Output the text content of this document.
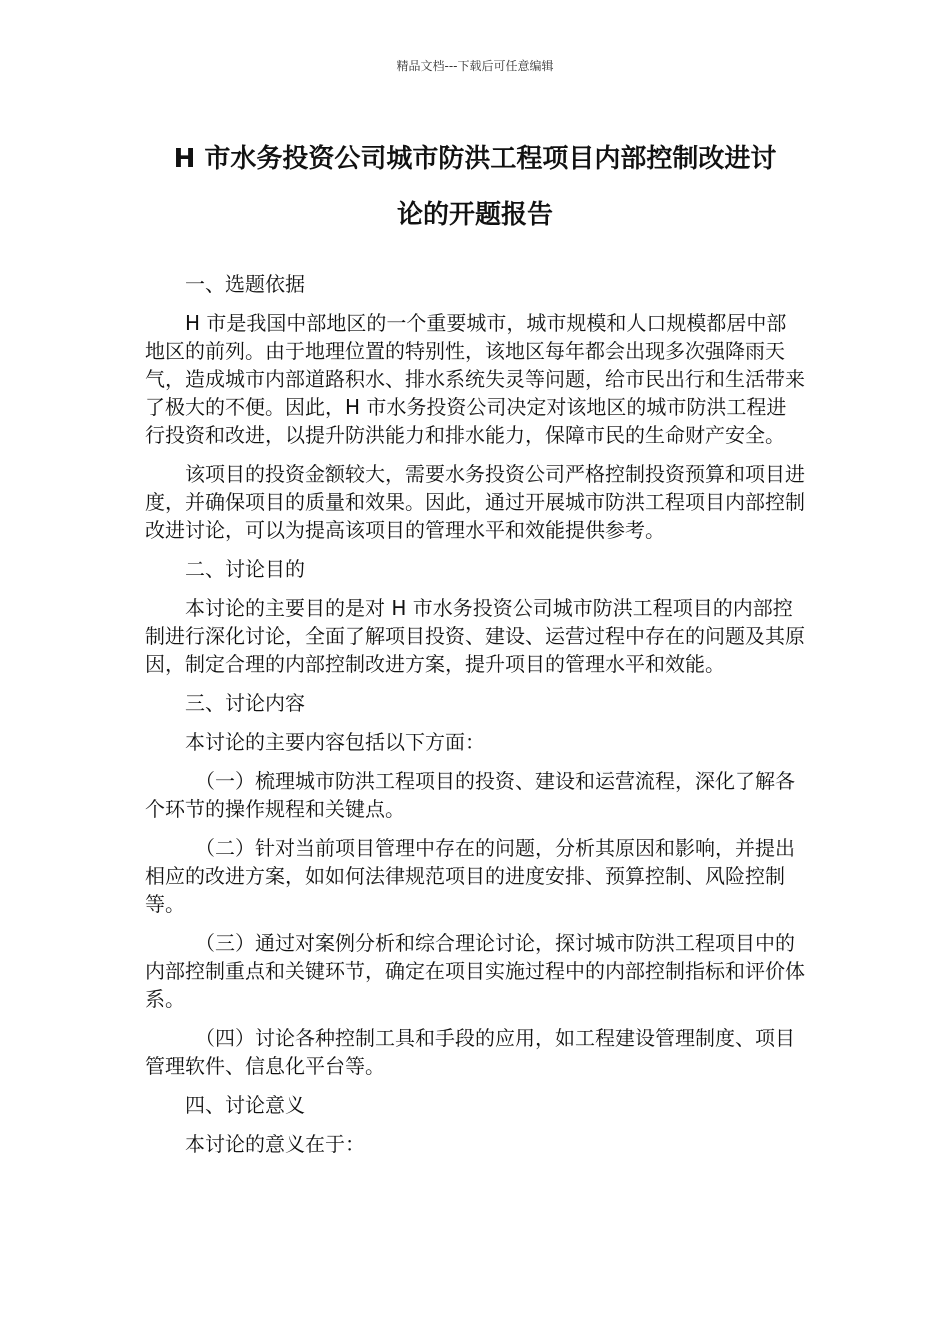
精品文档---下载后可任意编辑
H 市水务投资公司城市防洪工程项目内部控制改进讨
论的开题报告

一、选题依据

H 市是我国中部地区的一个重要城市，城市规模和人口规模都居中部地区的前列。由于地理位置的特别性，该地区每年都会出现多次强降雨天气，造成城市内部道路积水、排水系统失灵等问题，给市民出行和生活带来了极大的不便。因此，H 市水务投资公司决定对该地区的城市防洪工程进行投资和改进，以提升防洪能力和排水能力，保障市民的生命财产安全。

该项目的投资金额较大，需要水务投资公司严格控制投资预算和项目进度，并确保项目的质量和效果。因此，通过开展城市防洪工程项目内部控制改进讨论，可以为提高该项目的管理水平和效能提供参考。

二、讨论目的

本讨论的主要目的是对 H 市水务投资公司城市防洪工程项目的内部控制进行深化讨论，全面了解项目投资、建设、运营过程中存在的问题及其原因，制定合理的内部控制改进方案，提升项目的管理水平和效能。

三、讨论内容

本讨论的主要内容包括以下方面：

（一）梳理城市防洪工程项目的投资、建设和运营流程，深化了解各个环节的操作规程和关键点。

（二）针对当前项目管理中存在的问题，分析其原因和影响，并提出相应的改进方案，如如何法律规范项目的进度安排、预算控制、风险控制等。

（三）通过对案例分析和综合理论讨论，探讨城市防洪工程项目中的内部控制重点和关键环节，确定在项目实施过程中的内部控制指标和评价体系。

（四）讨论各种控制工具和手段的应用，如工程建设管理制度、项目管理软件、信息化平台等。

四、讨论意义

本讨论的意义在于：
